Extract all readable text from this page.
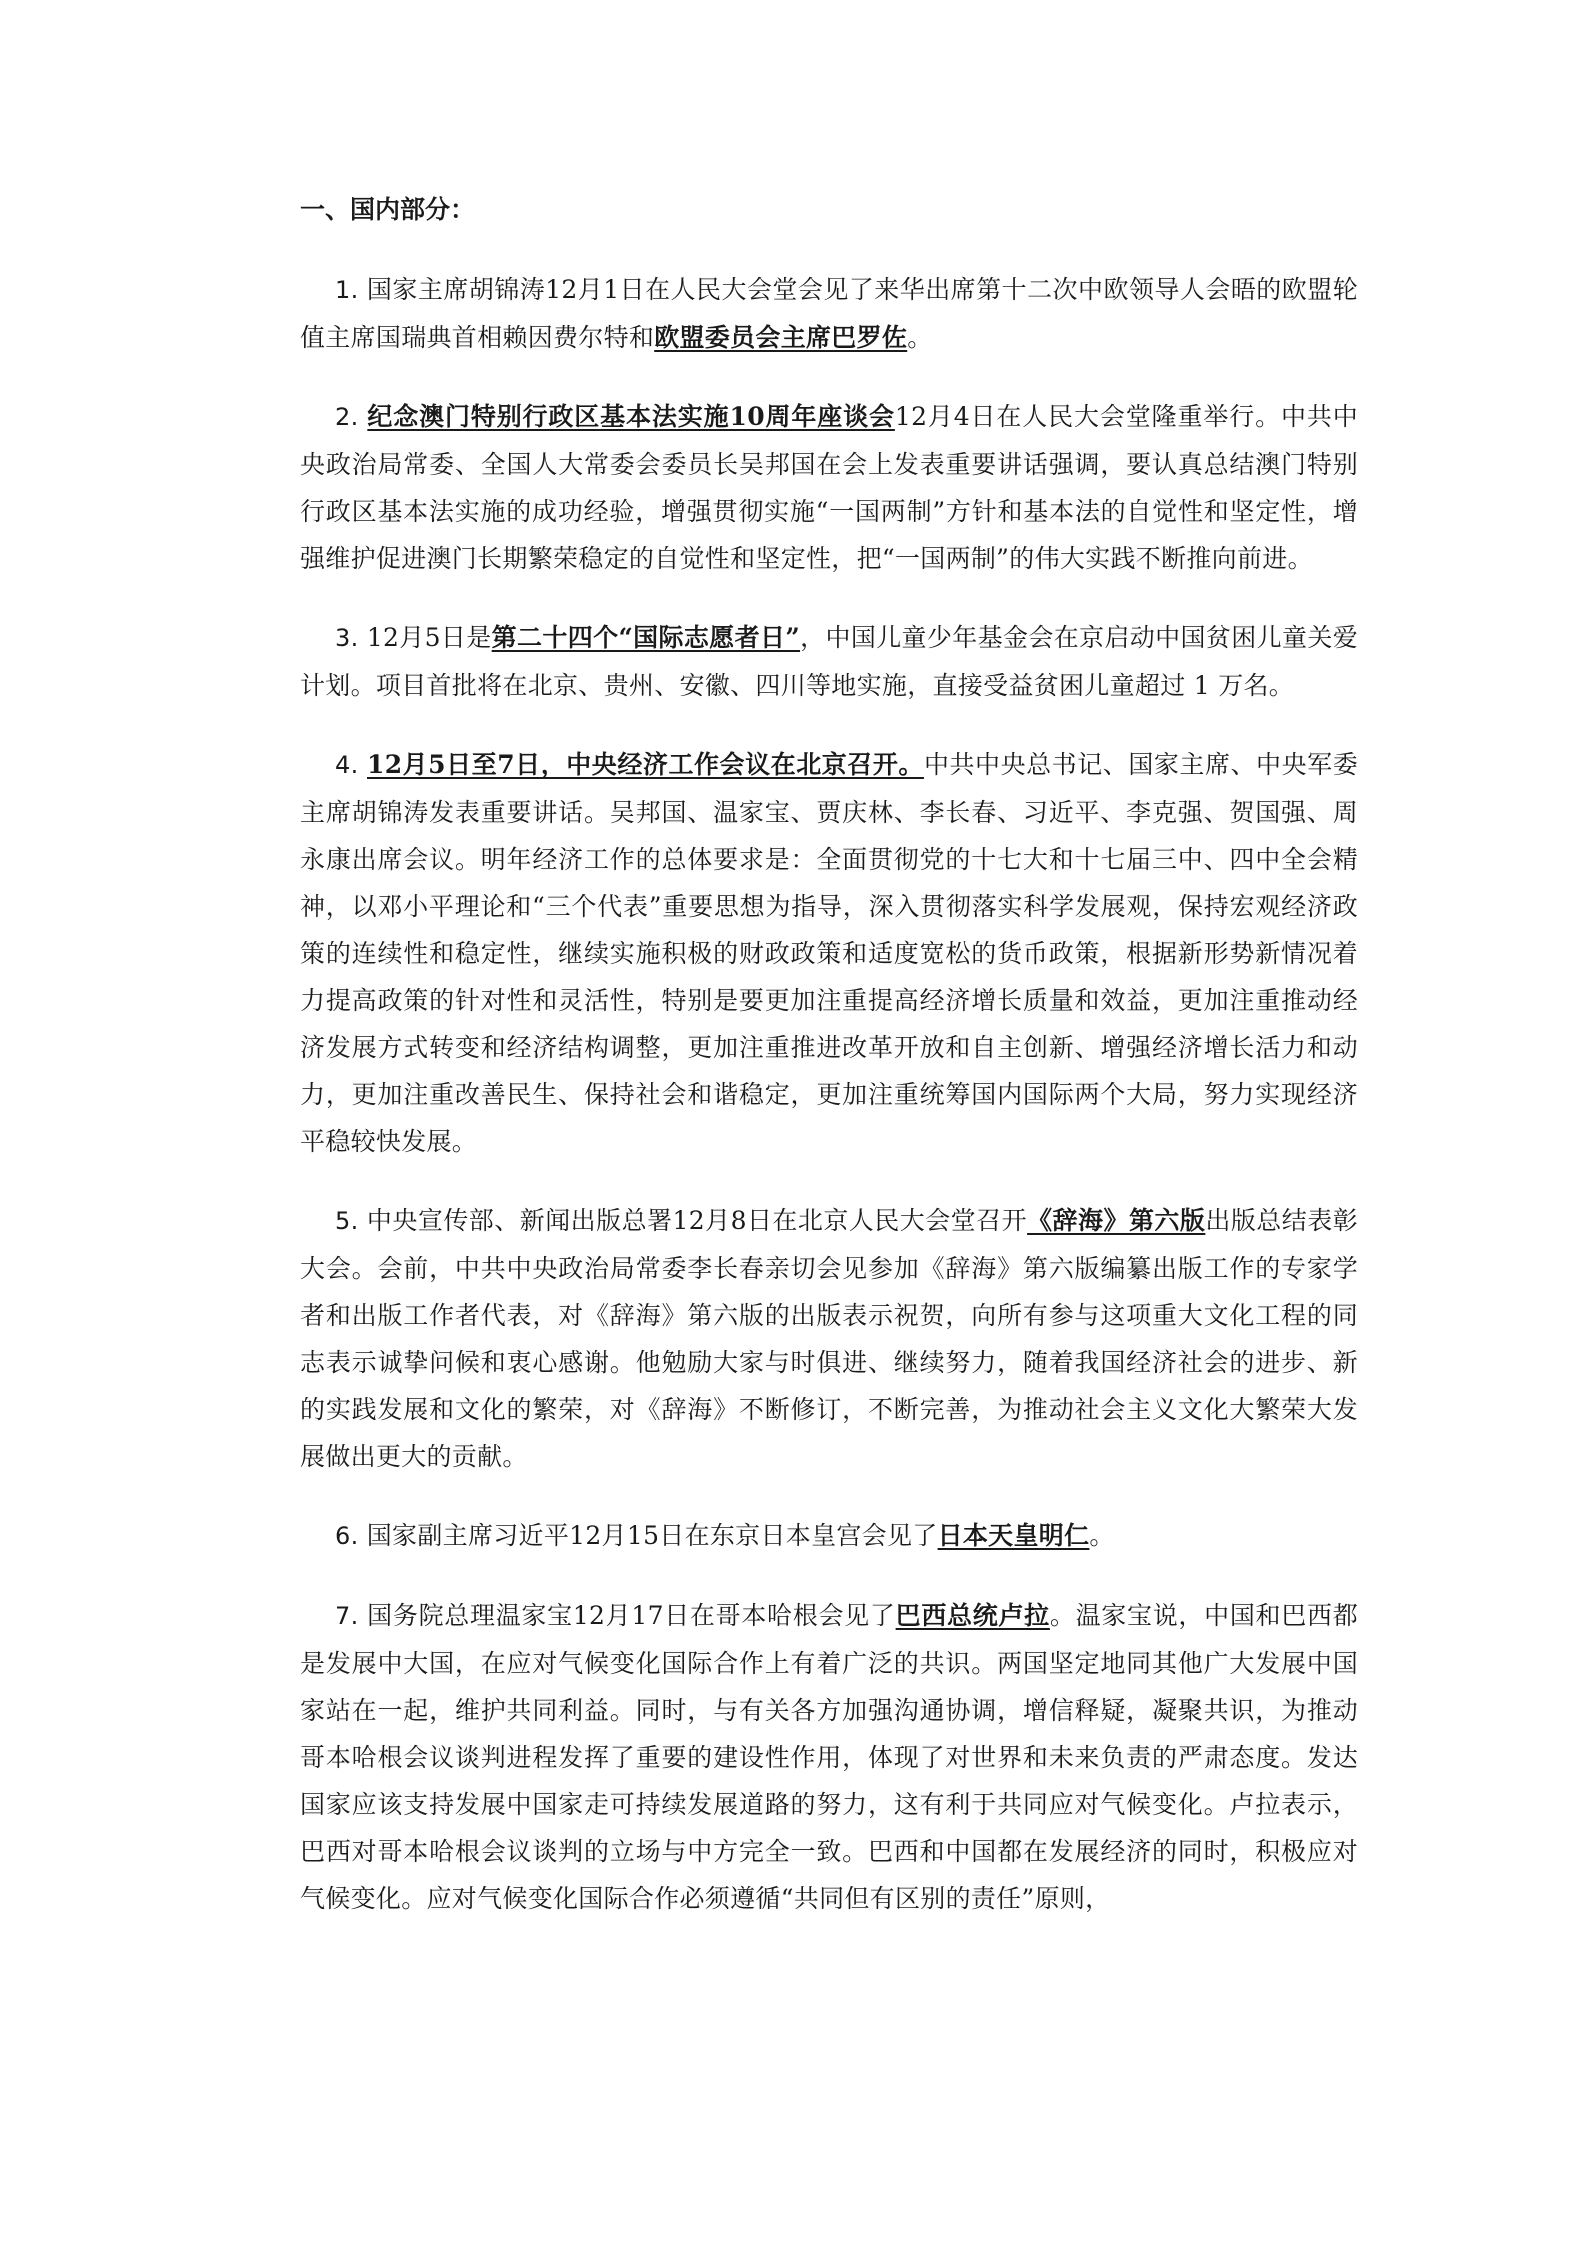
一、国内部分：

1. 国家主席胡锦涛12月1日在人民大会堂会见了来华出席第十二次中欧领导人会晤的欧盟轮值主席国瑞典首相赖因费尔特和欧盟委员会主席巴罗佐。

2. 纪念澳门特别行政区基本法实施10周年座谈会12月4日在人民大会堂隆重举行。中共中央政治局常委、全国人大常委会委员长吴邦国在会上发表重要讲话强调，要认真总结澳门特别行政区基本法实施的成功经验，增强贯彻实施“一国两制”方针和基本法的自觉性和坚定性，增强维护促进澳门长期繁荣稳定的自觉性和坚定性，把“一国两制”的伟大实践不断推向前进。

3. 12月5日是第二十四个“国际志愿者日”，中国儿童少年基金会在京启动中国贫困儿童关爱计划。项目首批将在北京、贵州、安徽、四川等地实施，直接受益贫困儿童超过 1 万名。

4. 12月5日至7日，中央经济工作会议在北京召开。中共中央总书记、国家主席、中央军委主席胡锦涛发表重要讲话。吴邦国、温家宝、贾庆林、李长春、习近平、李克强、贺国强、周永康出席会议。明年经济工作的总体要求是：全面贯彻党的十七大和十七届三中、四中全会精神，以邓小平理论和“三个代表”重要思想为指导，深入贯彻落实科学发展观，保持宏观经济政策的连续性和稳定性，继续实施积极的财政政策和适度宽松的货币政策，根据新形势新情况着力提高政策的针对性和灵活性，特别是要更加注重提高经济增长质量和效益，更加注重推动经济发展方式转变和经济结构调整，更加注重推进改革开放和自主创新、增强经济增长活力和动力，更加注重改善民生、保持社会和谐稳定，更加注重统筹国内国际两个大局，努力实现经济平稳较快发展。

5. 中央宣传部、新闻出版总署12月8日在北京人民大会堂召开《辞海》第六版出版总结表彰大会。会前，中共中央政治局常委李长春亲切会见参加《辞海》第六版编纂出版工作的专家学者和出版工作者代表，对《辞海》第六版的出版表示祝贺，向所有参与这项重大文化工程的同志表示诚挚问候和衷心感谢。他勉励大家与时俱进、继续努力，随着我国经济社会的进步、新的实践发展和文化的繁荣，对《辞海》不断修订，不断完善，为推动社会主义文化大繁荣大发展做出更大的贡献。

6. 国家副主席习近平12月15日在东京日本皇宫会见了日本天皇明仁。

7. 国务院总理温家宝12月17日在哥本哈根会见了巴西总统卢拉。温家宝说，中国和巴西都是发展中大国，在应对气候变化国际合作上有着广泛的共识。两国坚定地同其他广大发展中国家站在一起，维护共同利益。同时，与有关各方加强沟通协调，增信释疑，凝聚共识，为推动哥本哈根会议谈判进程发挥了重要的建设性作用，体现了对世界和未来负责的严肃态度。发达国家应该支持发展中国家走可持续发展道路的努力，这有利于共同应对气候变化。卢拉表示，巴西对哥本哈根会议谈判的立场与中方完全一致。巴西和中国都在发展经济的同时，积极应对气候变化。应对气候变化国际合作必须遵循“共同但有区别的责任”原则，
